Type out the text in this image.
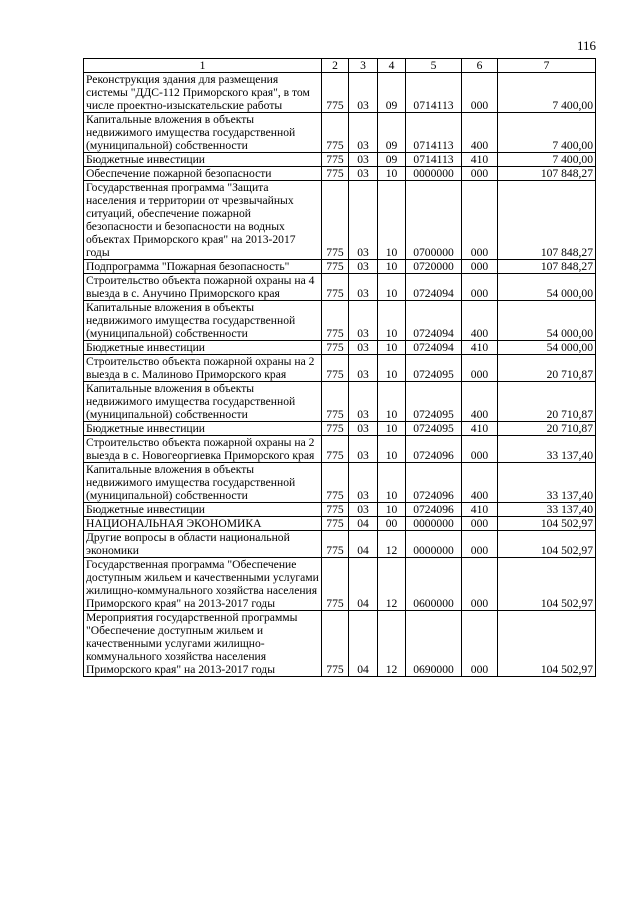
116
1	2	3	4	5	6	7
Реконструкция здания для размещения системы "ДДС-112 Приморского края", в том числе проектно-изыскательские работы	775	03	09	0714113	000	7 400,00
Капитальные вложения в объекты недвижимого имущества государственной (муниципальной) собственности	775	03	09	0714113	400	7 400,00
Бюджетные инвестиции	775	03	09	0714113	410	7 400,00
Обеспечение пожарной безопасности	775	03	10	0000000	000	107 848,27
Государственная программа "Защита населения и территории от чрезвычайных ситуаций, обеспечение пожарной безопасности и безопасности на водных объектах Приморского края" на 2013-2017 годы	775	03	10	0700000	000	107 848,27
Подпрограмма "Пожарная безопасность"	775	03	10	0720000	000	107 848,27
Строительство объекта пожарной охраны на 4 выезда в с. Анучино Приморского края	775	03	10	0724094	000	54 000,00
Капитальные вложения в объекты недвижимого имущества государственной (муниципальной) собственности	775	03	10	0724094	400	54 000,00
Бюджетные инвестиции	775	03	10	0724094	410	54 000,00
Строительство объекта пожарной охраны на 2 выезда в с. Малиново Приморского края	775	03	10	0724095	000	20 710,87
Капитальные вложения в объекты недвижимого имущества государственной (муниципальной) собственности	775	03	10	0724095	400	20 710,87
Бюджетные инвестиции	775	03	10	0724095	410	20 710,87
Строительство объекта пожарной охраны на 2 выезда в с. Новогеоргиевка Приморского края	775	03	10	0724096	000	33 137,40
Капитальные вложения в объекты недвижимого имущества государственной (муниципальной) собственности	775	03	10	0724096	400	33 137,40
Бюджетные инвестиции	775	03	10	0724096	410	33 137,40
НАЦИОНАЛЬНАЯ ЭКОНОМИКА	775	04	00	0000000	000	104 502,97
Другие вопросы в области национальной экономики	775	04	12	0000000	000	104 502,97
Государственная программа "Обеспечение доступным жильем и качественными услугами жилищно-коммунального хозяйства населения Приморского края" на 2013-2017 годы	775	04	12	0600000	000	104 502,97
Мероприятия государственной программы "Обеспечение доступным жильем и качественными услугами жилищно-коммунального хозяйства населения Приморского края" на 2013-2017 годы	775	04	12	0690000	000	104 502,97
